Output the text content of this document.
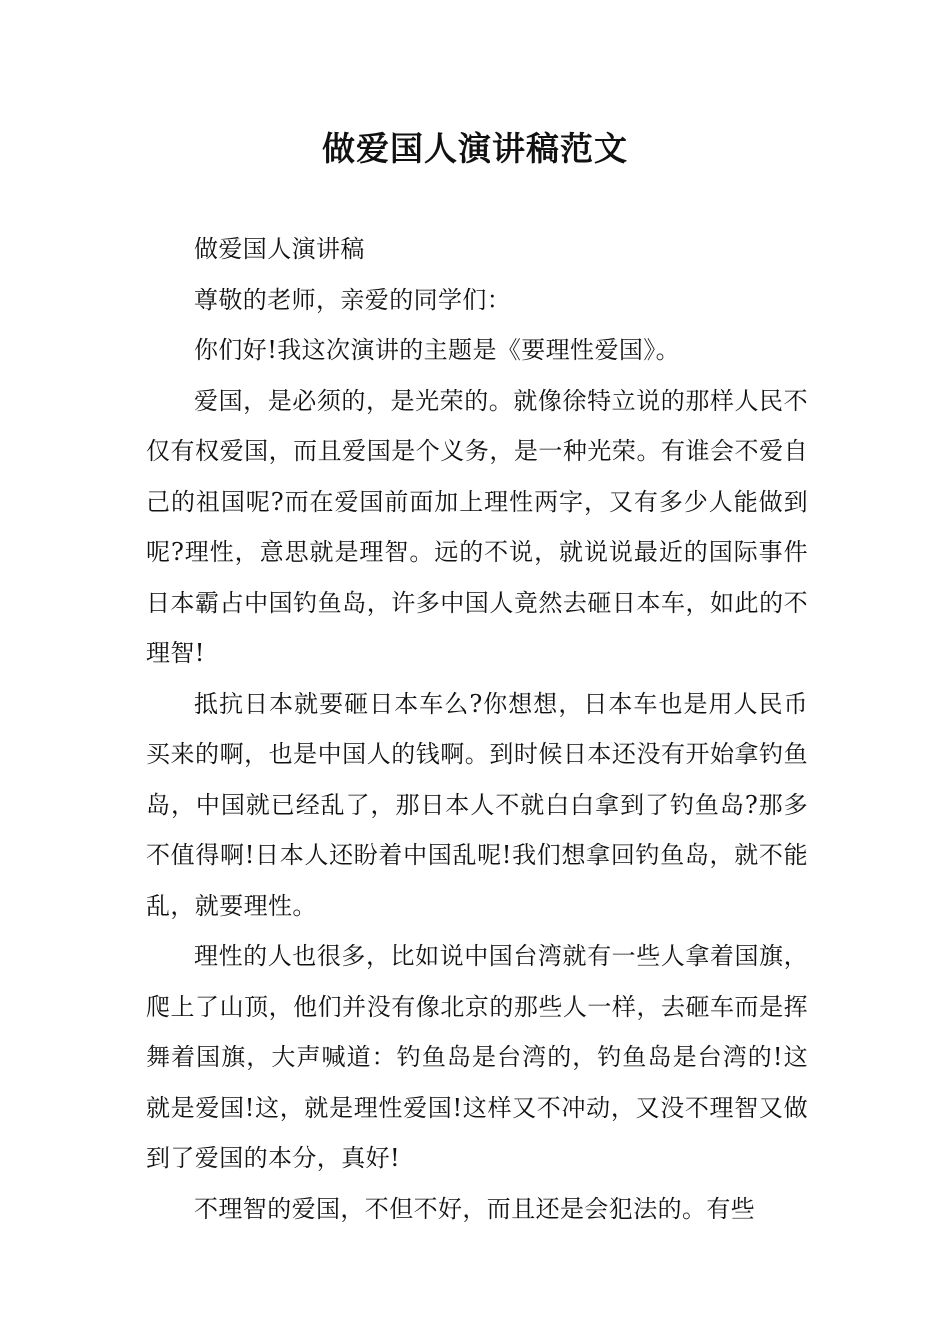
做爱国人演讲稿范文

做爱国人演讲稿

尊敬的老师，亲爱的同学们：

你们好!我这次演讲的主题是《要理性爱国》。

爱国，是必须的，是光荣的。就像徐特立说的那样人民不仅有权爱国，而且爱国是个义务，是一种光荣。有谁会不爱自己的祖国呢?而在爱国前面加上理性两字，又有多少人能做到呢?理性，意思就是理智。远的不说，就说说最近的国际事件日本霸占中国钓鱼岛，许多中国人竟然去砸日本车，如此的不理智!

抵抗日本就要砸日本车么?你想想，日本车也是用人民币买来的啊，也是中国人的钱啊。到时候日本还没有开始拿钓鱼岛，中国就已经乱了，那日本人不就白白拿到了钓鱼岛?那多不值得啊!日本人还盼着中国乱呢!我们想拿回钓鱼岛，就不能乱，就要理性。

理性的人也很多，比如说中国台湾就有一些人拿着国旗，爬上了山顶，他们并没有像北京的那些人一样，去砸车而是挥舞着国旗，大声喊道：钓鱼岛是台湾的，钓鱼岛是台湾的!这就是爱国!这，就是理性爱国!这样又不冲动，又没不理智又做到了爱国的本分，真好!

不理智的爱国，不但不好，而且还是会犯法的。有些
